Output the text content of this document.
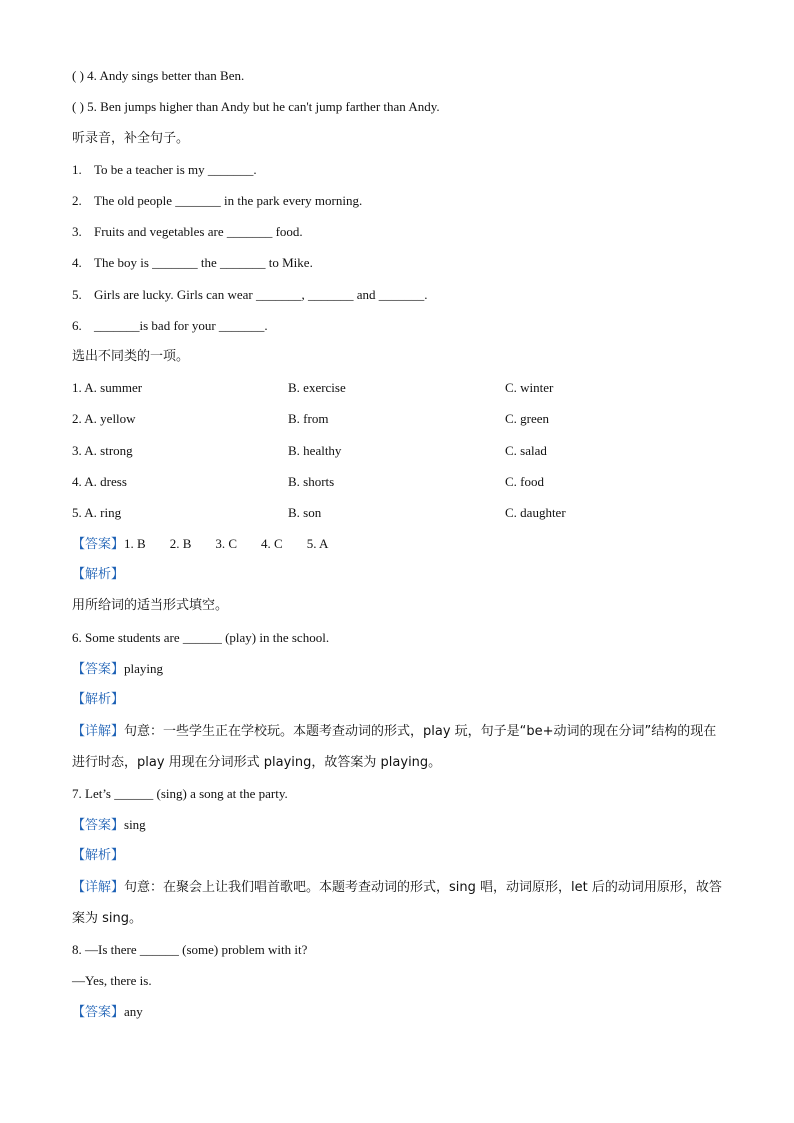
( ) 4. Andy sings better than Ben.
( ) 5. Ben jumps higher than Andy but he can't jump farther than Andy.
听录音，补全句子。
1. To be a teacher is my _______.
2. The old people _______ in the park every morning.
3. Fruits and vegetables are _______ food.
4. The boy is _______ the _______ to Mike.
5. Girls are lucky. Girls can wear _______, _______ and _______.
6. _______is bad for your _______.
选出不同类的一项。
1. A. summer	B. exercise	C. winter
2. A. yellow	B. from	C. green
3. A. strong	B. healthy	C. salad
4. A. dress	B. shorts	C. food
5. A. ring	B. son	C. daughter
【答案】1. B 2. B 3. C 4. C 5. A
【解析】
用所给词的适当形式填空。
6. Some students are ______ (play) in the school.
【答案】playing
【解析】
【详解】句意：一些学生正在学校玩。本题考查动词的形式，play 玩，句子是“be+动词的现在分词”结构的现在进行时态，play 用现在分词形式 playing，故答案为 playing。
7. Let’s ______ (sing) a song at the party.
【答案】sing
【解析】
【详解】句意：在聚会上让我们唱首歌吧。本题考查动词的形式，sing 唱，动词原形，let 后的动词用原形，故答案为 sing。
8. —Is there ______ (some) problem with it?
—Yes, there is.
【答案】any
